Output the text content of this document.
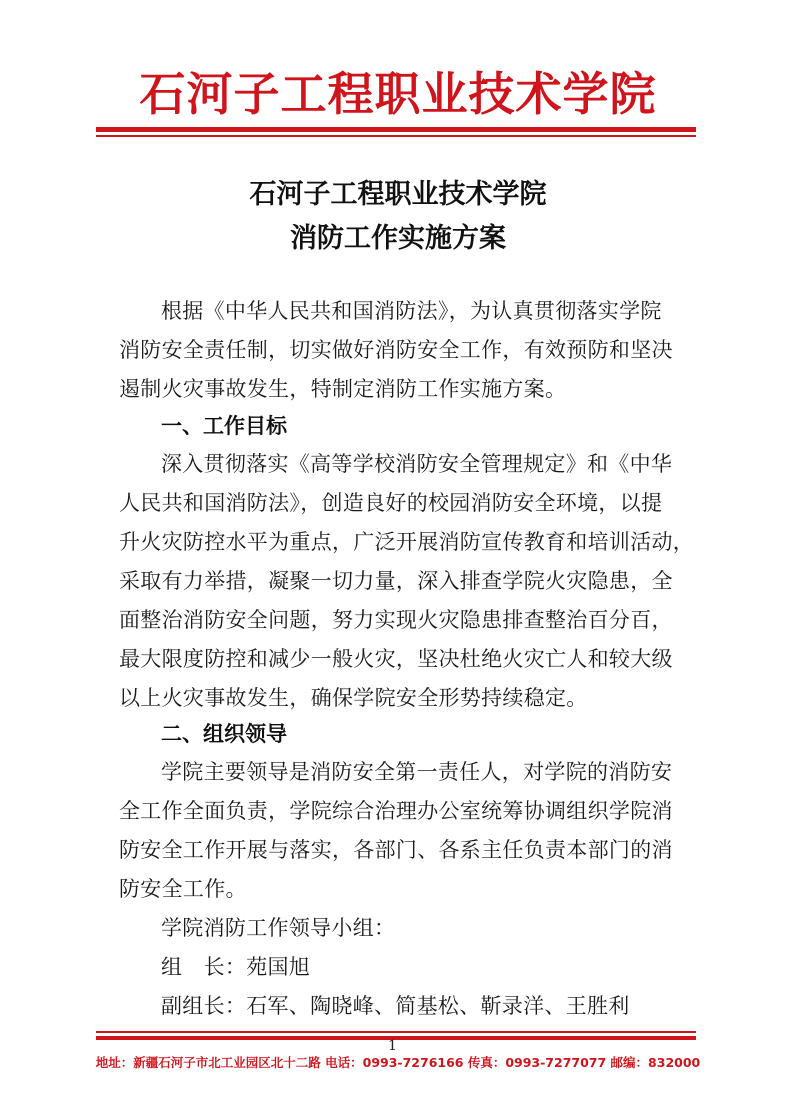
石河子工程职业技术学院
石河子工程职业技术学院
消防工作实施方案
根据《中华人民共和国消防法》，为认真贯彻落实学院
消防安全责任制，切实做好消防安全工作，有效预防和坚决
遏制火灾事故发生，特制定消防工作实施方案。
一、工作目标
深入贯彻落实《高等学校消防安全管理规定》和《中华
人民共和国消防法》，创造良好的校园消防安全环境，以提
升火灾防控水平为重点，广泛开展消防宣传教育和培训活动，
采取有力举措，凝聚一切力量，深入排查学院火灾隐患，全
面整治消防安全问题，努力实现火灾隐患排查整治百分百，
最大限度防控和减少一般火灾，坚决杜绝火灾亡人和较大级
以上火灾事故发生，确保学院安全形势持续稳定。
二、组织领导
学院主要领导是消防安全第一责任人，对学院的消防安
全工作全面负责，学院综合治理办公室统筹协调组织学院消
防安全工作开展与落实，各部门、各系主任负责本部门的消
防安全工作。
学院消防工作领导小组：
组　长：苑国旭
副组长：石军、陶晓峰、简基松、靳录洋、王胜利
1
地址：新疆石河子市北工业园区北十二路 电话：0993-7276166 传真：0993-7277077 邮编：832000
